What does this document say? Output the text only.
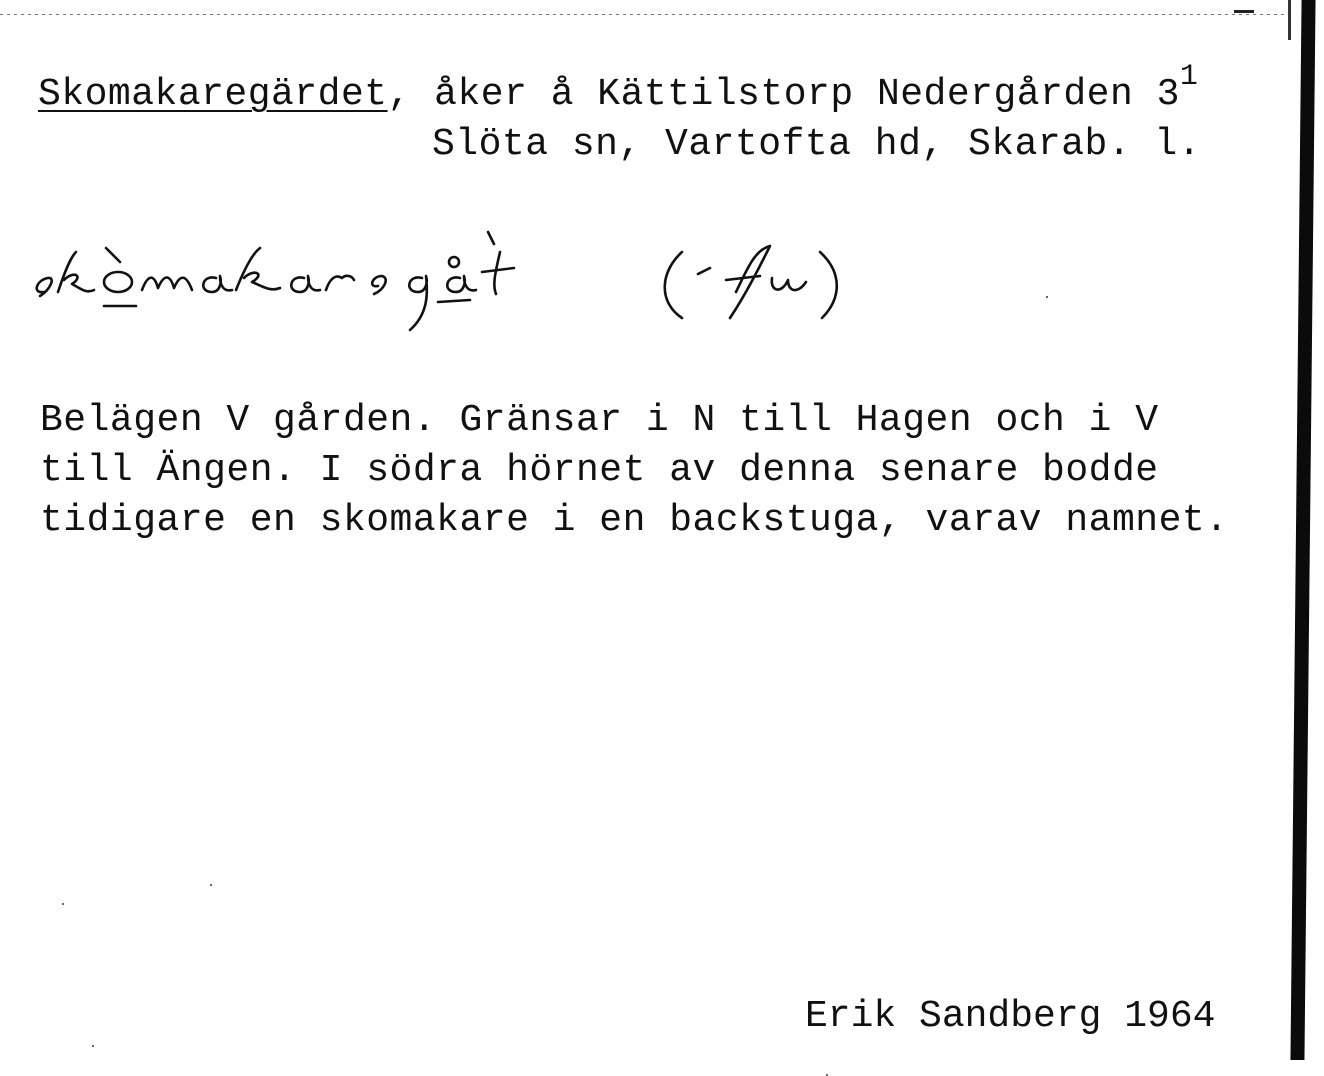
Skomakaregärdet, åker å Kättilstorp Nedergården $3^1$
Slöta sn, Vartofta hd, Skarab. l.
Belägen V gården. Gränsar i N till Hagen och i V
till Ängen. I södra hörnet av denna senare bodde
tidigare en skomakare i en backstuga, varav namnet.
Erik Sandberg 1964
